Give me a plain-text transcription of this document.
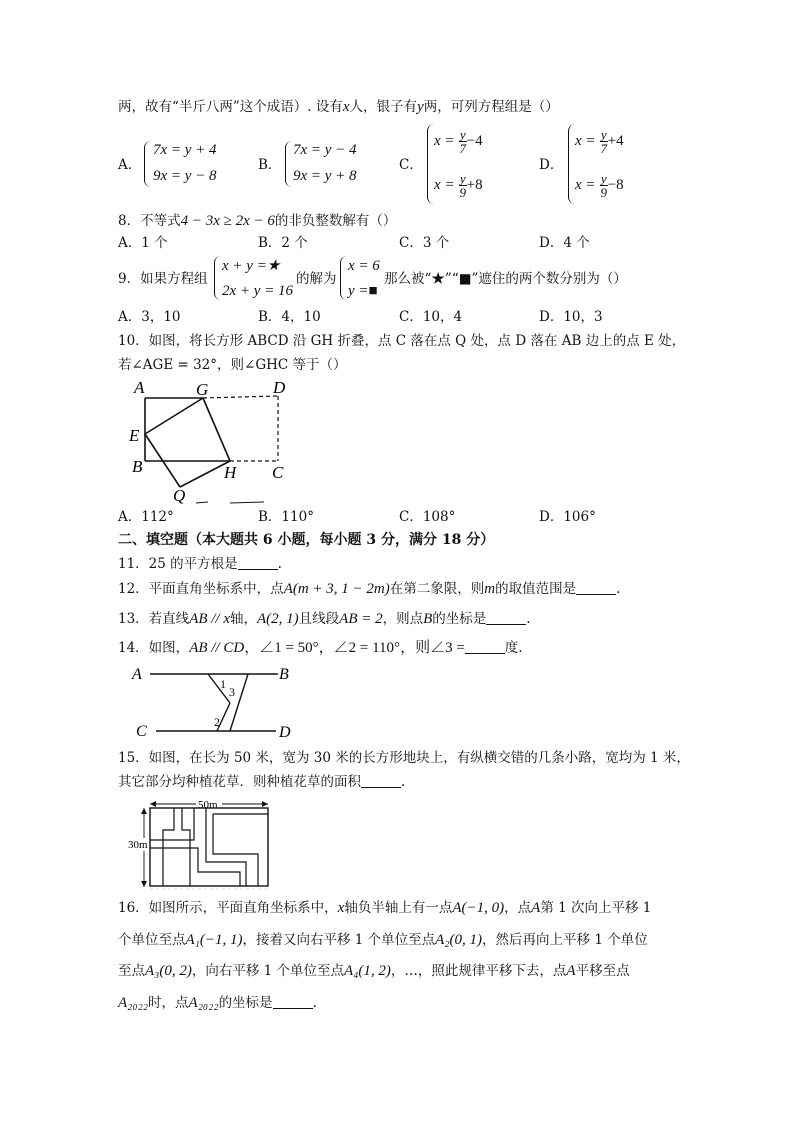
两，故有“半斤八两”这个成语）. 设有x人，银子有y两，可列方程组是（）
A．
7x = y + 4
9x = y − 8
B．
7x = y − 4
9x = y + 8
C．
$x = \frac{y}{7} -4$
$x = \frac{y}{9} +8$
D．
$x = \frac{y}{7} +4$
$x = \frac{y}{9} -8$
8．不等式4 − 3x ≥ 2x − 6的非负整数解有（）
A．1 个	B．2 个	C．3 个	D．4 个
9．如果方程组
x + y =★
2x + y = 16
的解为
x = 6
y =■
那么被“★”“■”遮住的两个数分别为（）
A．3，10	B．4，10	C．10，4	D．10，3
10．如图，将长方形 ABCD 沿 GH 折叠，点 C 落在点 Q 处，点 D 落在 AB 边上的点 E 处，
若∠AGE = 32°，则∠GHC 等于（）
A	G	D
E
B	H C
Q
A．112°	B．110°	C．108°	D．106°
二、填空题（本大题共 6 小题，每小题 3 分，满分 18 分）
11．25 的平方根是	.
12．平面直角坐标系中，点A(m + 3, 1 − 2m)在第二象限，则m的取值范围是	.
13．若直线AB // x轴，A(2, 1)且线段AB = 2，则点B的坐标是	.
14．如图，AB // CD，∠1 = 50°，∠2 = 110°，则∠3 =	度.
A	B
C	D
1
3
2
15．如图，在长为 50 米，宽为 30 米的长方形地块上，有纵横交错的几条小路，宽均为 1 米，
其它部分均种植花草．则种植花草的面积	.
50m
30m
16．如图所示，平面直角坐标系中，x轴负半轴上有一点A(−1, 0)，点A第 1 次向上平移 1
个单位至点A₁(−1, 1)，接着又向右平移 1 个单位至点A₂(0, 1)，然后再向上平移 1 个单位
至点A₃(0, 2)，向右平移 1 个单位至点A₄(1, 2)，…，照此规律平移下去，点A平移至点
A₂₀₂₂时，点A₂₀₂₂的坐标是	.
